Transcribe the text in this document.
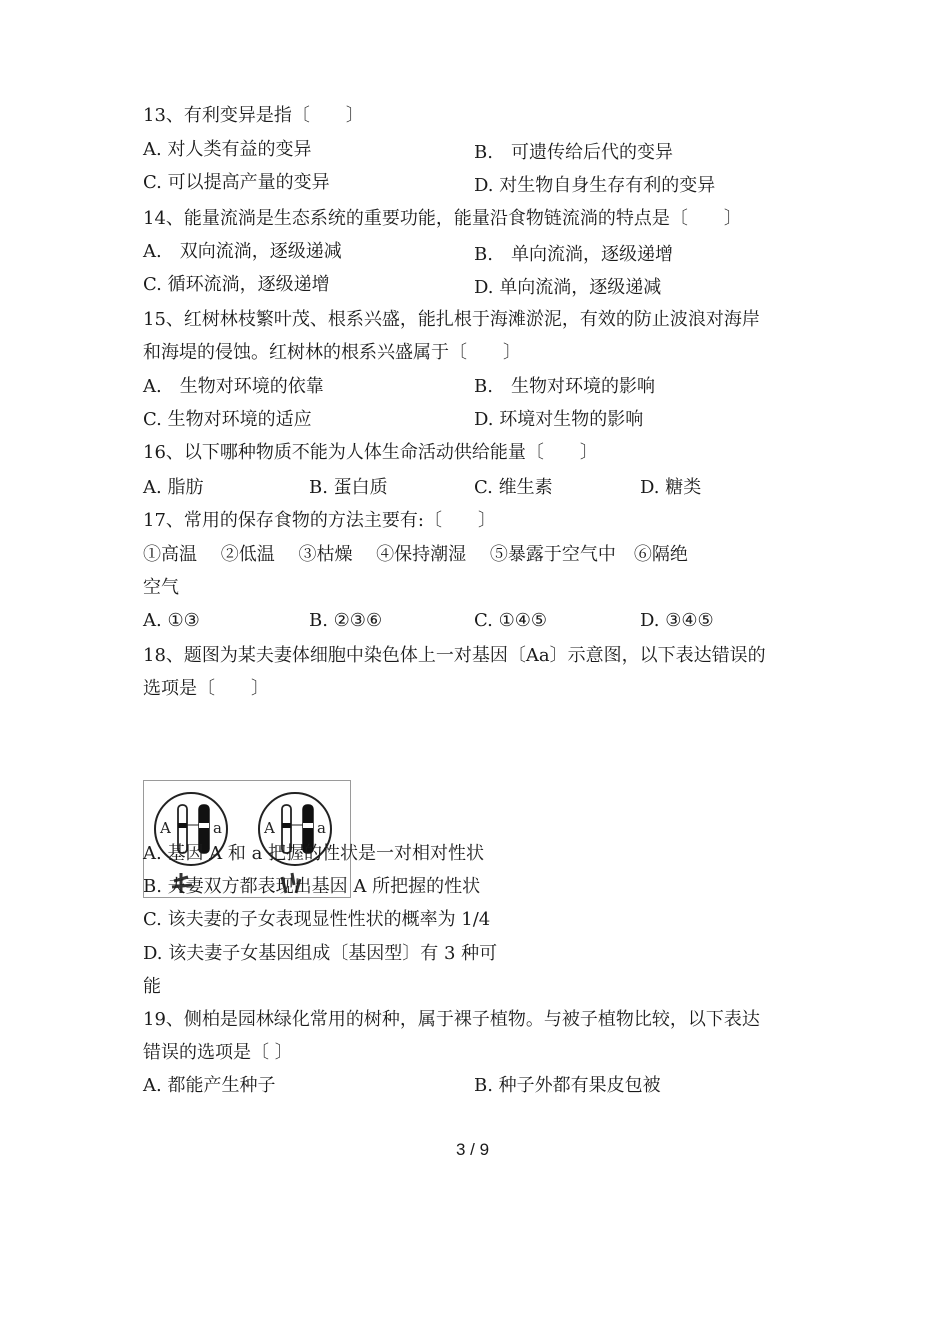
13、有利变异是指〔　　〕
A. 对人类有益的变异	B.　可遗传给后代的变异
C. 可以提高产量的变异	D. 对生物自身生存有利的变异
14、能量流淌是生态系统的重要功能，能量沿食物链流淌的特点是〔　　〕
A.　双向流淌，逐级递减	B.　单向流淌，逐级递增
C. 循环流淌，逐级递增	D. 单向流淌，逐级递减
15、红树林枝繁叶茂、根系兴盛，能扎根于海滩淤泥，有效的防止波浪对海岸
和海堤的侵蚀。红树林的根系兴盛属于〔　　〕
A.　生物对环境的依靠	B.　生物对环境的影响
C. 生物对环境的适应	D. 环境对生物的影响
16、以下哪种物质不能为人体生命活动供给能量〔　　〕
A. 脂肪	B. 蛋白质	C. 维生素	D. 糖类
17、常用的保存食物的方法主要有:〔　　〕
①高温　 ②低温　 ③枯燥　 ④保持潮湿　 ⑤暴露于空气中　⑥隔绝
空气
A. ①③	B. ②③⑥	C. ①④⑤	D. ③④⑤
18、题图为某夫妻体细胞中染色体上一对基因〔Aa〕示意图，以下表达错误的
选项是〔　　〕
A	a	A	a
A. 基因 A 和 a 把握的性状是一对相对性状
B. 夫妻双方都表现出基因 A 所把握的性状
C. 该夫妻的子女表现显性性状的概率为 1/4
D. 该夫妻子女基因组成〔基因型〕有 3 种可
能
19、侧柏是园林绿化常用的树种，属于裸子植物。与被子植物比较，以下表达
错误的选项是〔 〕
A. 都能产生种子	B. 种子外都有果皮包被
3 / 9
